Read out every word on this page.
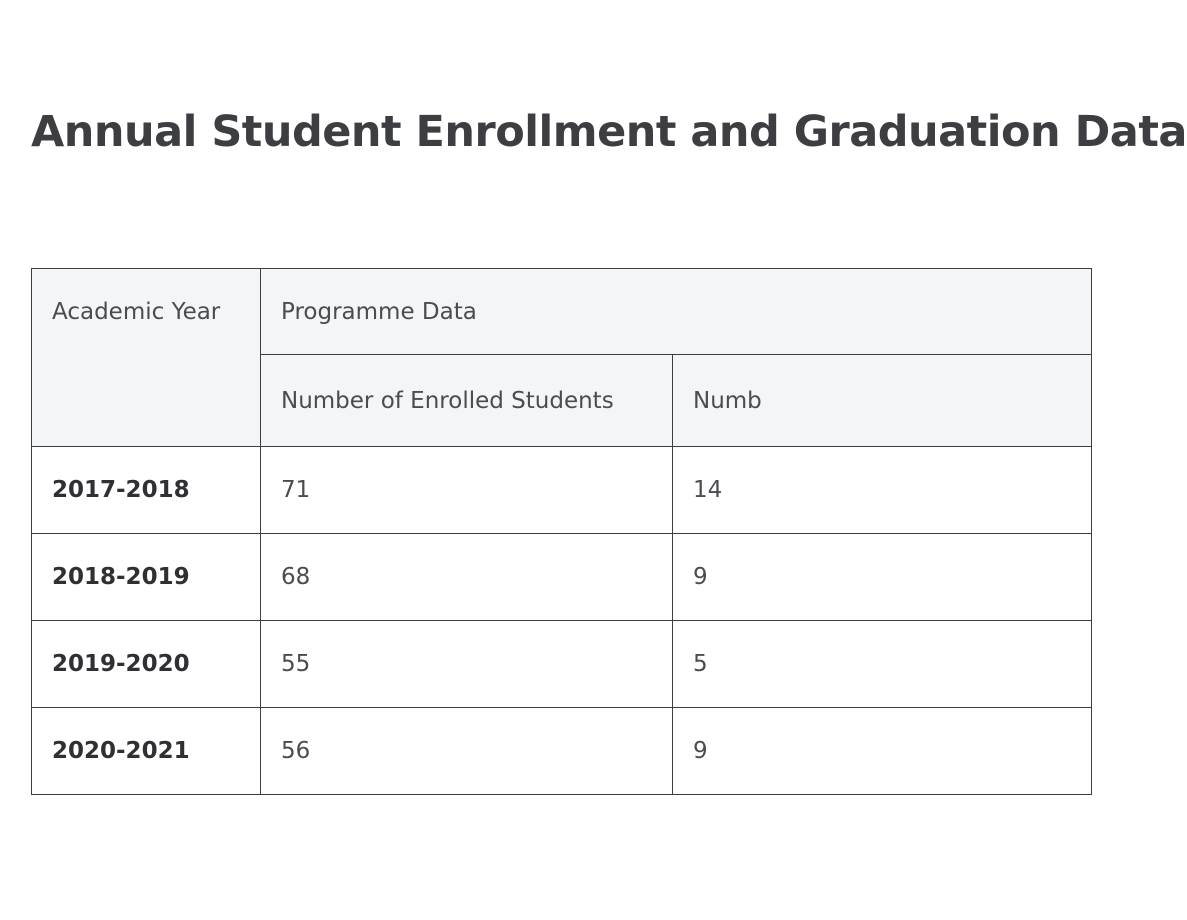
Annual Student Enrollment and Graduation Data
Academic Year	Programme Data	
	Number of Enrolled Students	Numb
2017-2018	71	14
2018-2019	68	9
2019-2020	55	5
2020-2021	56	9
